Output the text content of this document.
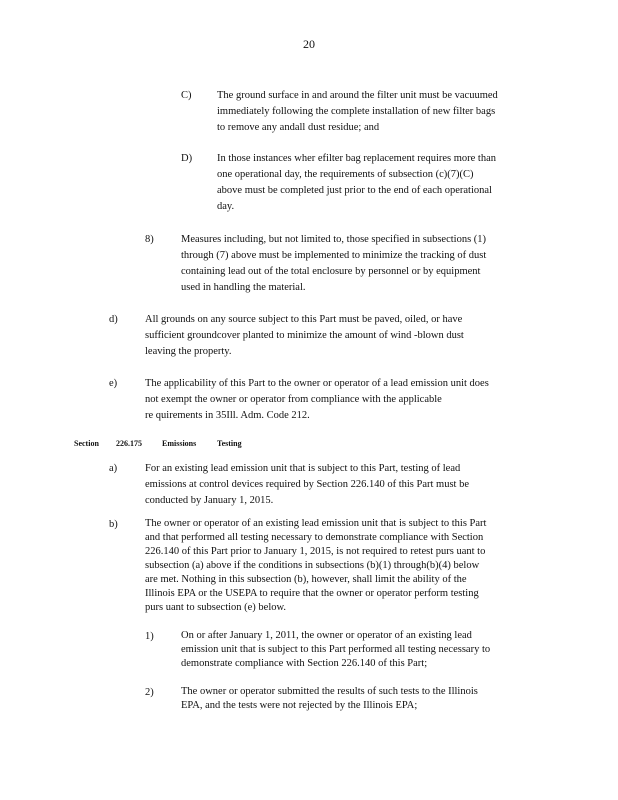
20
C) The ground surface in and around the filter unit must be vacuumed
immediately following the complete installation of new filter bags
to remove any andall dust residue; and
D) In those instances wher efilter bag replacement requires more than
one operational day, the requirements of subsection (c)(7)(C)
above must be completed just prior to the end of each operational
day.
8)	Measures including, but not limited to, those specified in subsections (1)
through (7) above must be implemented to minimize the tracking of dust
containing lead out of the total enclosure by personnel or by equipment
used in handling the material.
d)	All grounds on any source subject to this Part must be paved, oiled, or have
sufficient groundcover planted to minimize the amount of wind -blown dust
leaving the property.
e)	The applicability of this Part to the owner or operator of a lead emission unit does
not exempt the owner or operator from compliance with the applicable
re quirements in 35Ill. Adm. Code 212.
Section 226.175	Emissions	Testing
a)	For an existing lead emission unit that is subject to this Part, testing of lead
emissions at control devices required by Section 226.140 of this Part must be
conducted by January 1, 2015.
b)	The owner or operator of an existing lead emission unit that is subject to this Part
and that performed all testing necessary to demonstrate compliance with Section
226.140 of this Part prior to January 1, 2015, is not required to retest purs uant to
subsection (a) above if the conditions in subsections (b)(1) through(b)(4) below
are met. Nothing in this subsection (b), however, shall limit the ability of the
Illinois EPA or the USEPA to require that the owner or operator perform testing
purs uant to subsection (e) below.
1)	On or after January 1, 2011, the owner or operator of an existing lead
emission unit that is subject to this Part performed all testing necessary to
demonstrate compliance with Section 226.140 of this Part;
2)	The owner or operator submitted the results of such tests to the Illinois
EPA, and the tests were not rejected by the Illinois EPA;
